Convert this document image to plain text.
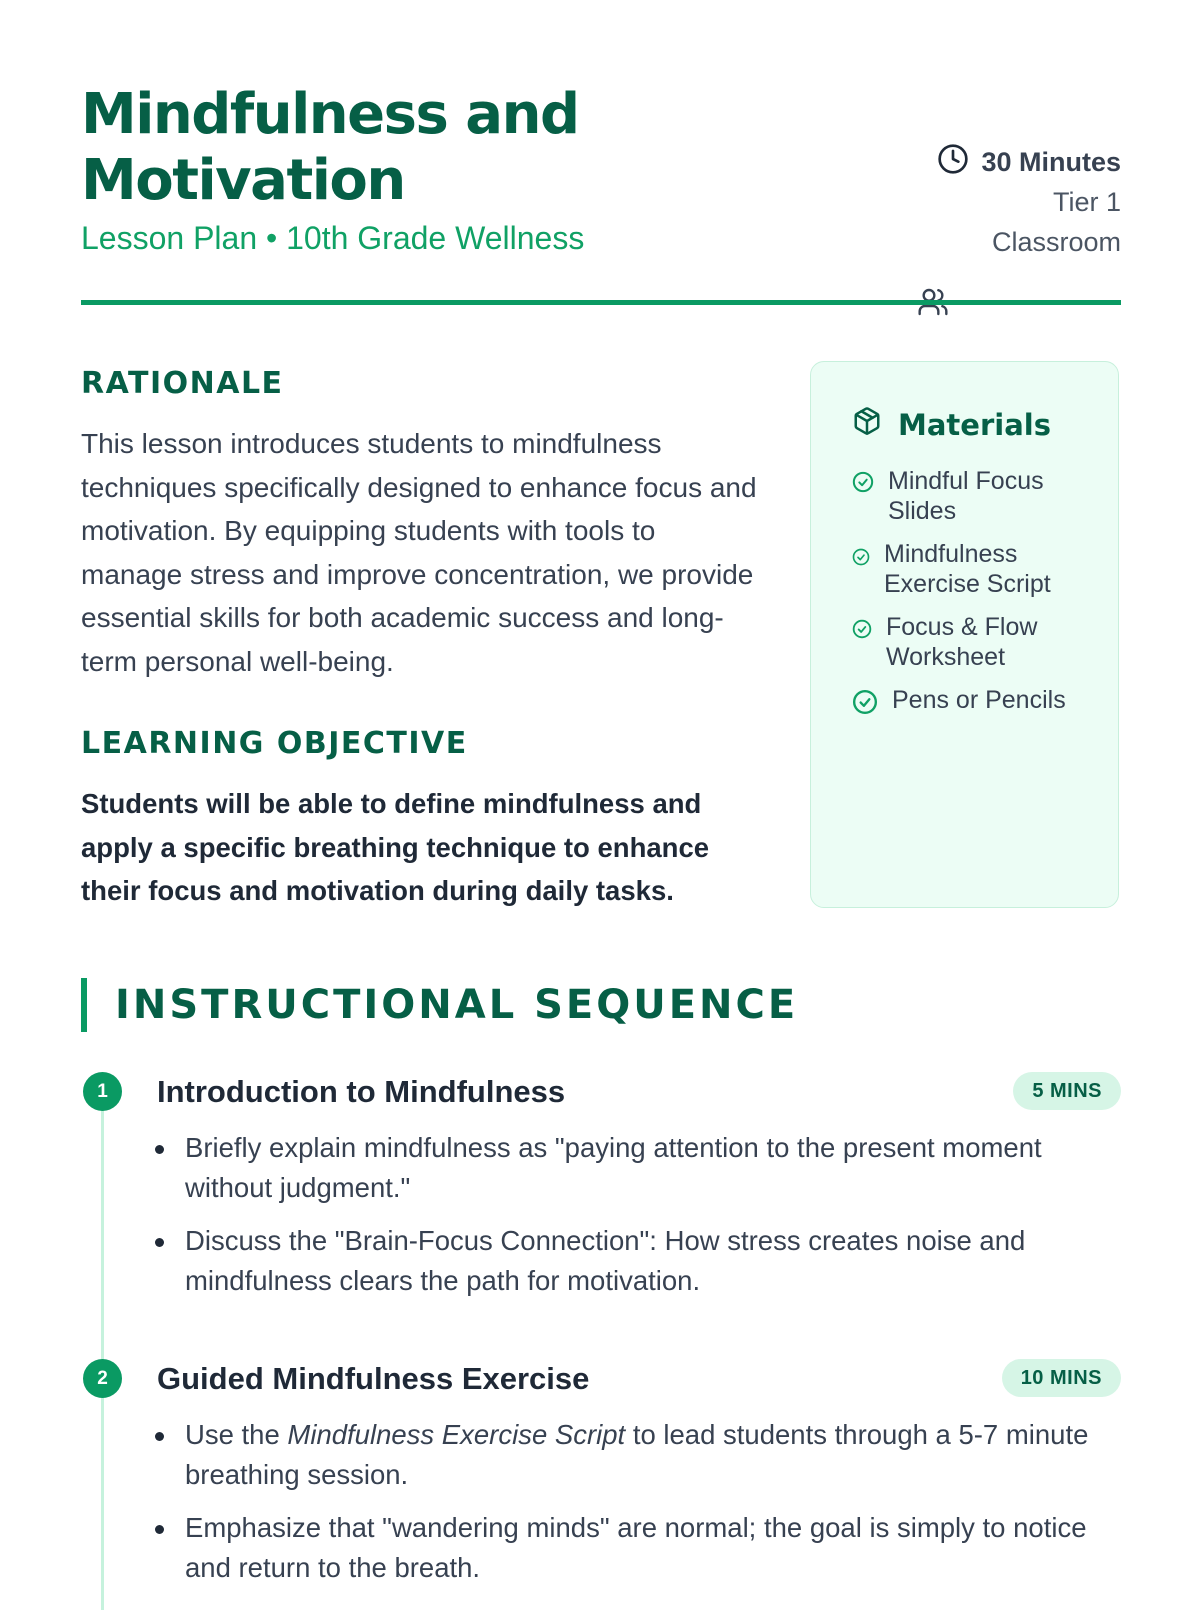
Mindfulness and Motivation
Lesson Plan • 10th Grade Wellness
30 Minutes
Tier 1
Classroom
RATIONALE

This lesson introduces students to mindfulness techniques specifically designed to enhance focus and motivation. By equipping students with tools to manage stress and improve concentration, we provide essential skills for both academic success and long-term personal well-being.

LEARNING OBJECTIVE

Students will be able to define mindfulness and apply a specific breathing technique to enhance their focus and motivation during daily tasks.

Materials
Mindful Focus Slides
Mindfulness Exercise Script
Focus & Flow Worksheet
Pens or Pencils
INSTRUCTIONAL SEQUENCE
1	Introduction to Mindfulness	5 MINS
Briefly explain mindfulness as "paying attention to the present moment without judgment."
Discuss the "Brain-Focus Connection": How stress creates noise and mindfulness clears the path for motivation.
2	Guided Mindfulness Exercise	10 MINS
Use the Mindfulness Exercise Script to lead students through a 5-7 minute breathing session.
Emphasize that "wandering minds" are normal; the goal is simply to notice and return to the breath.
